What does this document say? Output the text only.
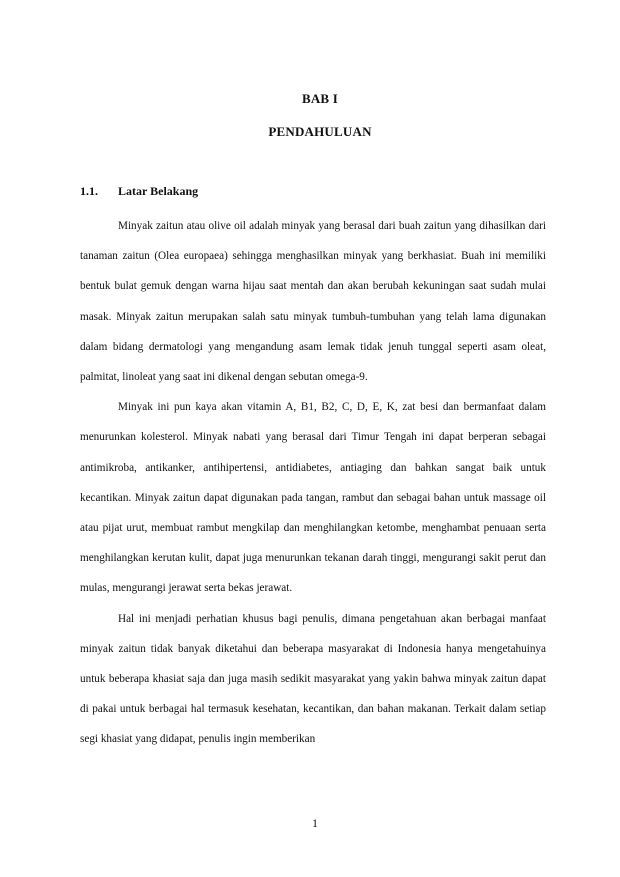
BAB I
PENDAHULUAN
1.1. Latar Belakang

Minyak zaitun atau olive oil adalah minyak yang berasal dari buah zaitun yang dihasilkan dari tanaman zaitun (Olea europaea) sehingga menghasilkan minyak yang berkhasiat. Buah ini memiliki bentuk bulat gemuk dengan warna hijau saat mentah dan akan berubah kekuningan saat sudah mulai masak. Minyak zaitun merupakan salah satu minyak tumbuh-tumbuhan yang telah lama digunakan dalam bidang dermatologi yang mengandung asam lemak tidak jenuh tunggal seperti asam oleat, palmitat, linoleat yang saat ini dikenal dengan sebutan omega-9.

Minyak ini pun kaya akan vitamin A, B1, B2, C, D, E, K, zat besi dan bermanfaat dalam menurunkan kolesterol. Minyak nabati yang berasal dari Timur Tengah ini dapat berperan sebagai antimikroba, antikanker, antihipertensi, antidiabetes, antiaging dan bahkan sangat baik untuk kecantikan. Minyak zaitun dapat digunakan pada tangan, rambut dan sebagai bahan untuk massage oil atau pijat urut, membuat rambut mengkilap dan menghilangkan ketombe, menghambat penuaan serta menghilangkan kerutan kulit, dapat juga menurunkan tekanan darah tinggi, mengurangi sakit perut dan mulas, mengurangi jerawat serta bekas jerawat.

Hal ini menjadi perhatian khusus bagi penulis, dimana pengetahuan akan berbagai manfaat minyak zaitun tidak banyak diketahui dan beberapa masyarakat di Indonesia hanya mengetahuinya untuk beberapa khasiat saja dan juga masih sedikit masyarakat yang yakin bahwa minyak zaitun dapat di pakai untuk berbagai hal termasuk kesehatan, kecantikan, dan bahan makanan. Terkait dalam setiap segi khasiat yang didapat, penulis ingin memberikan

1
